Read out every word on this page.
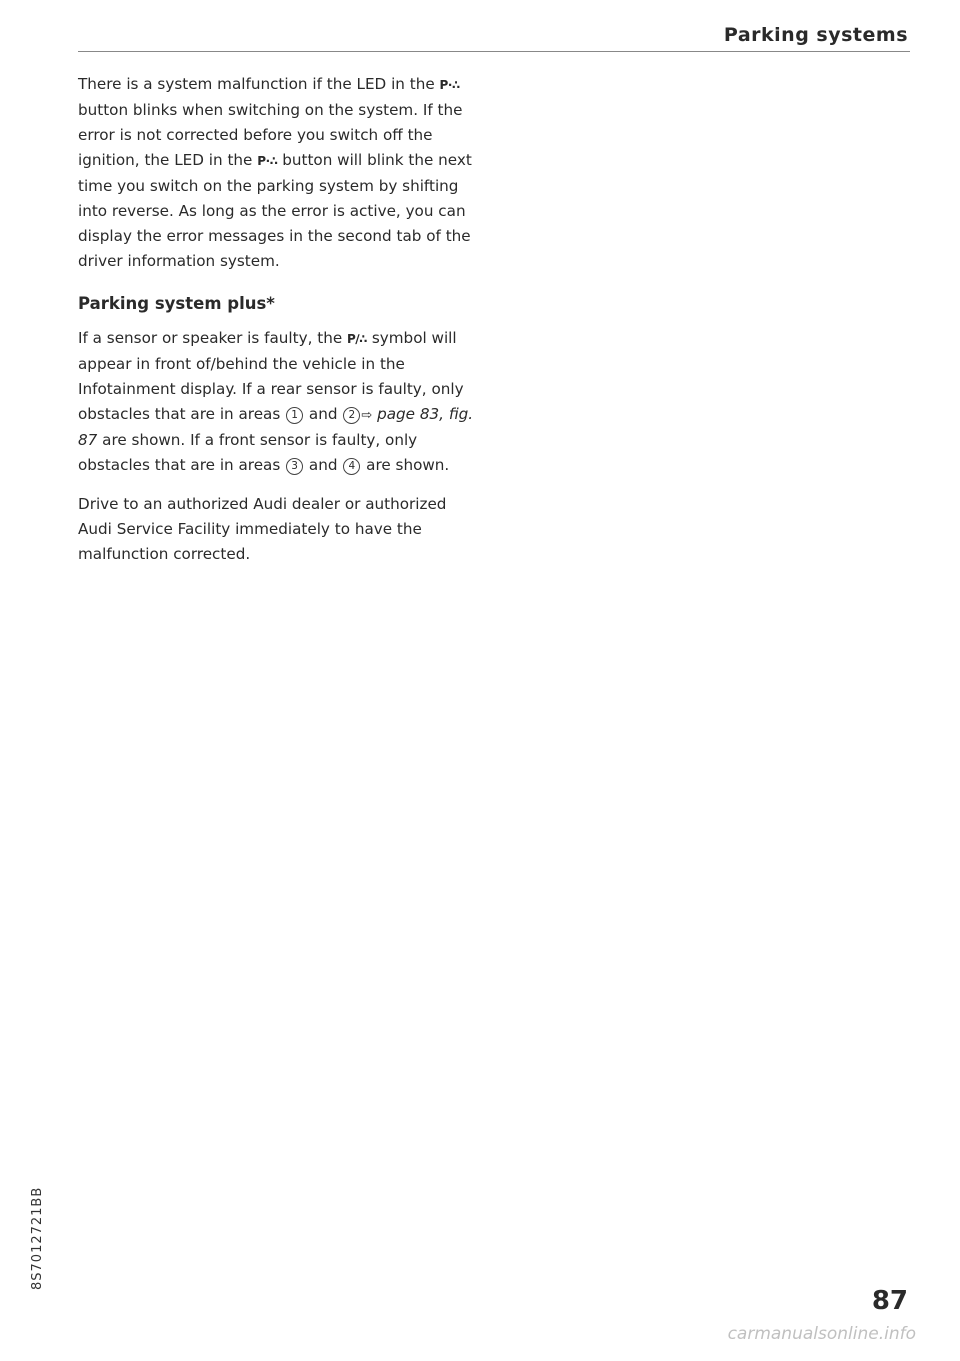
Parking systems

There is a system malfunction if the LED in the P∙∴ button blinks when switching on the system. If the error is not corrected before you switch off the ignition, the LED in the P∙∴ button will blink the next time you switch on the parking system by shifting into reverse. As long as the error is active, you can display the error messages in the second tab of the driver information system.

Parking system plus*

If a sensor or speaker is faulty, the P∕∴ symbol will appear in front of/behind the vehicle in the Infotainment display. If a rear sensor is faulty, only obstacles that are in areas 1 and 2 ⇨ page 83, fig. 87 are shown. If a front sensor is faulty, only obstacles that are in areas 3 and 4 are shown.

Drive to an authorized Audi dealer or authorized Audi Service Facility immediately to have the malfunction corrected.

8S7012721BB
87
carmanualsonline.info
